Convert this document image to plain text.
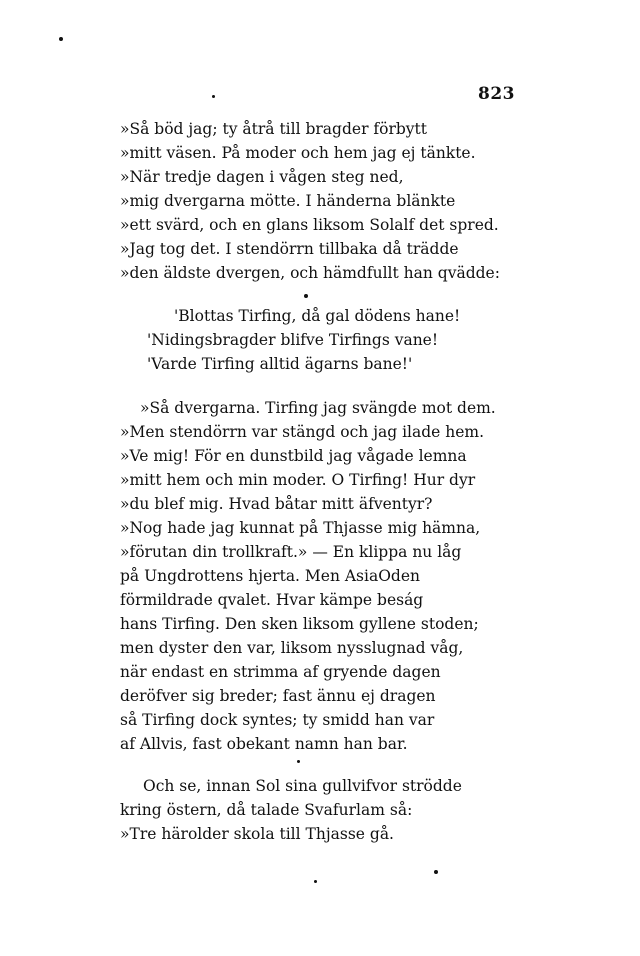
823
»Så böd jag; ty åtrå till bragder förbytt
»mitt väsen. På moder och hem jag ej tänkte.
»När tredje dagen i vågen steg ned,
»mig dvergarna mötte. I händerna blänkte
»ett svärd, och en glans liksom Solalf det spred.
»Jag tog det. I stendörrn tillbaka då trädde
»den äldste dvergen, och hämdfullt han qvädde:
'Blottas Tirfing, då gal dödens hane!
'Nidingsbragder blifve Tirfings vane!
'Varde Tirfing alltid ägarns bane!'
»Så dvergarna. Tirfing jag svängde mot dem.
»Men stendörrn var stängd och jag ilade hem.
»Ve mig! För en dunstbild jag vågade lemna
»mitt hem och min moder. O Tirfing! Hur dyr
»du blef mig. Hvad båtar mitt äfventyr?
»Nog hade jag kunnat på Thjasse mig hämna,
»förutan din trollkraft.» — En klippa nu låg
på Ungdrottens hjerta. Men AsiaOden
förmildrade qvalet. Hvar kämpe beság
hans Tirfing. Den sken liksom gyllene stoden;
men dyster den var, liksom nysslugnad våg,
när endast en strimma af gryende dagen
deröfver sig breder; fast ännu ej dragen
så Tirfing dock syntes; ty smidd han var
af Allvis, fast obekant namn han bar.
Och se, innan Sol sina gullvifvor strödde
kring östern, då talade Svafurlam så:
»Tre härolder skola till Thjasse gå.
